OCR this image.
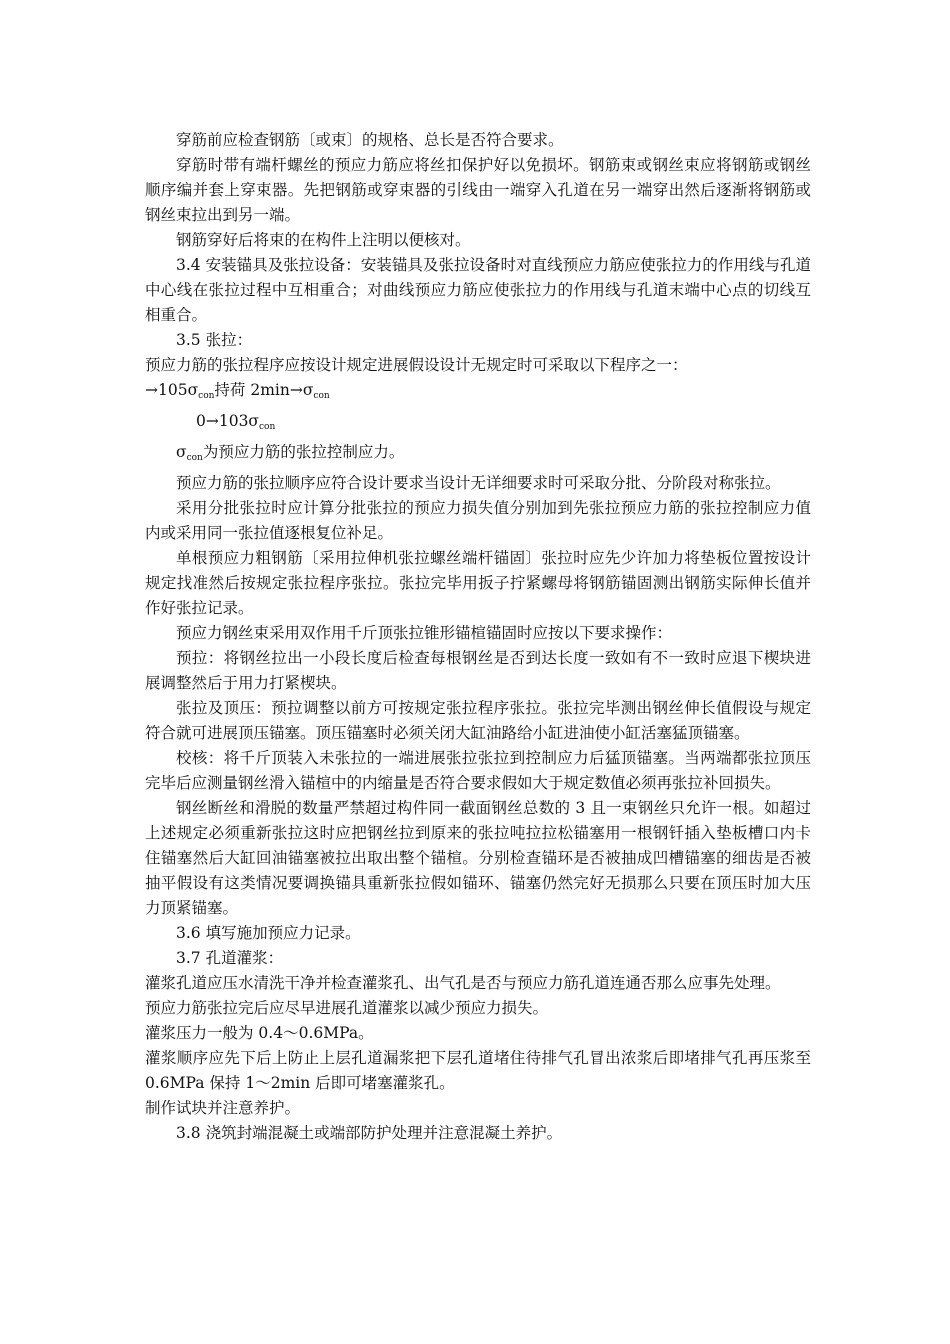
穿筋前应检查钢筋〔或束〕的规格、总长是否符合要求。

穿筋时带有端杆螺丝的预应力筋应将丝扣保护好以免损坏。钢筋束或钢丝束应将钢筋或钢丝顺序编并套上穿束器。先把钢筋或穿束器的引线由一端穿入孔道在另一端穿出然后逐渐将钢筋或钢丝束拉出到另一端。

钢筋穿好后将束的在构件上注明以便核对。

3.4 安装锚具及张拉设备：安装锚具及张拉设备时对直线预应力筋应使张拉力的作用线与孔道中心线在张拉过程中互相重合；对曲线预应力筋应使张拉力的作用线与孔道末端中心点的切线互相重合。

3.5 张拉：

预应力筋的张拉程序应按设计规定进展假设设计无规定时可采取以下程序之一：

$\to 105\sigma_{con}$持荷 $2\min\to\sigma_{con}$

$0\to 103\sigma_{con}$

$\sigma_{con}$为预应力筋的张拉控制应力。

预应力筋的张拉顺序应符合设计要求当设计无详细要求时可采取分批、分阶段对称张拉。

采用分批张拉时应计算分批张拉的预应力损失值分别加到先张拉预应力筋的张拉控制应力值内或采用同一张拉值逐根复位补足。

单根预应力粗钢筋〔采用拉伸机张拉螺丝端杆锚固〕张拉时应先少许加力将垫板位置按设计规定找准然后按规定张拉程序张拉。张拉完毕用扳子拧紧螺母将钢筋锚固测出钢筋实际伸长值并作好张拉记录。

预应力钢丝束采用双作用千斤顶张拉锥形锚楦锚固时应按以下要求操作：

预拉：将钢丝拉出一小段长度后检查每根钢丝是否到达长度一致如有不一致时应退下楔块进展调整然后于用力打紧楔块。

张拉及顶压：预拉调整以前方可按规定张拉程序张拉。张拉完毕测出钢丝伸长值假设与规定符合就可进展顶压锚塞。顶压锚塞时必须关闭大缸油路给小缸进油使小缸活塞猛顶锚塞。

校核：将千斤顶装入未张拉的一端进展张拉张拉到控制应力后猛顶锚塞。当两端都张拉顶压完毕后应测量钢丝滑入锚楦中的内缩量是否符合要求假如大于规定数值必须再张拉补回损失。

钢丝断丝和滑脱的数量严禁超过构件同一截面钢丝总数的 3 且一束钢丝只允许一根。如超过上述规定必须重新张拉这时应把钢丝拉到原来的张拉吨拉拉松锚塞用一根钢钎插入垫板槽口内卡住锚塞然后大缸回油锚塞被拉出取出整个锚楦。分别检查锚环是否被抽成凹槽锚塞的细齿是否被抽平假设有这类情况要调换锚具重新张拉假如锚环、锚塞仍然完好无损那么只要在顶压时加大压力顶紧锚塞。

3.6 填写施加预应力记录。

3.7 孔道灌浆：

灌浆孔道应压水清洗干净并检查灌浆孔、出气孔是否与预应力筋孔道连通否那么应事先处理。

预应力筋张拉完后应尽早进展孔道灌浆以减少预应力损失。

灌浆压力一般为 0.4～0.6MPa。

灌浆顺序应先下后上防止上层孔道漏浆把下层孔道堵住待排气孔冒出浓浆后即堵排气孔再压浆至 0.6MPa 保持 1～2min 后即可堵塞灌浆孔。

制作试块并注意养护。

3.8 浇筑封端混凝土或端部防护处理并注意混凝土养护。
